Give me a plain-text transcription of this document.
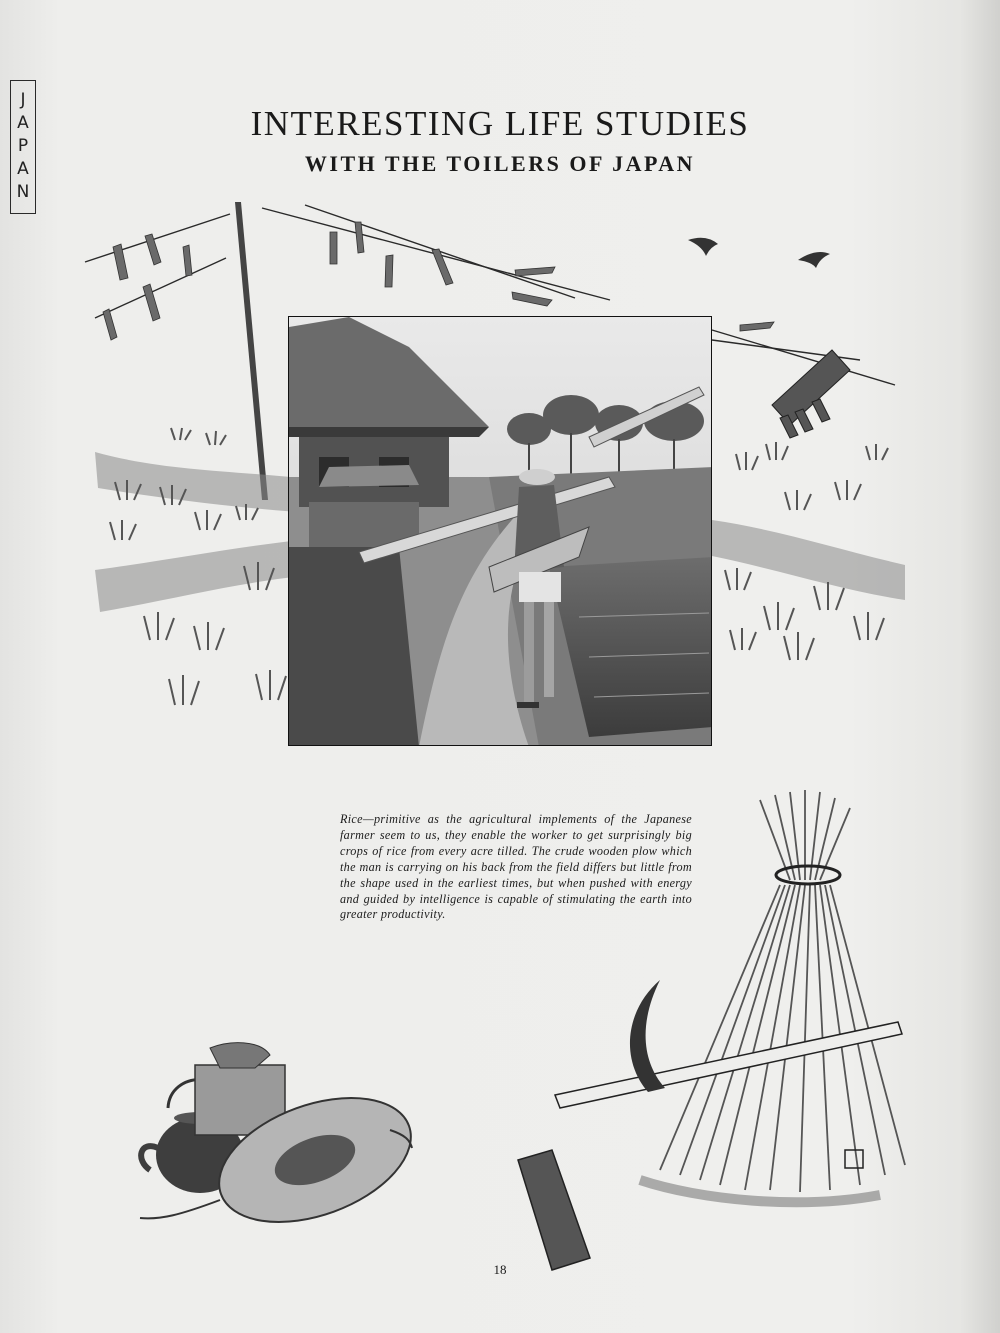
JAPAN	INTERESTING LIFE STUDIES
WITH THE TOILERS OF JAPAN

Rice—primitive as the agricultural implements of the Japanese farmer seem to us, they enable the worker to get surprisingly big crops of rice from every acre tilled. The crude wooden plow which the man is carrying on his back from the field differs but little from the shape used in the earliest times, but when pushed with energy and guided by intelligence is capable of stimulating the earth into greater productivity.

18
